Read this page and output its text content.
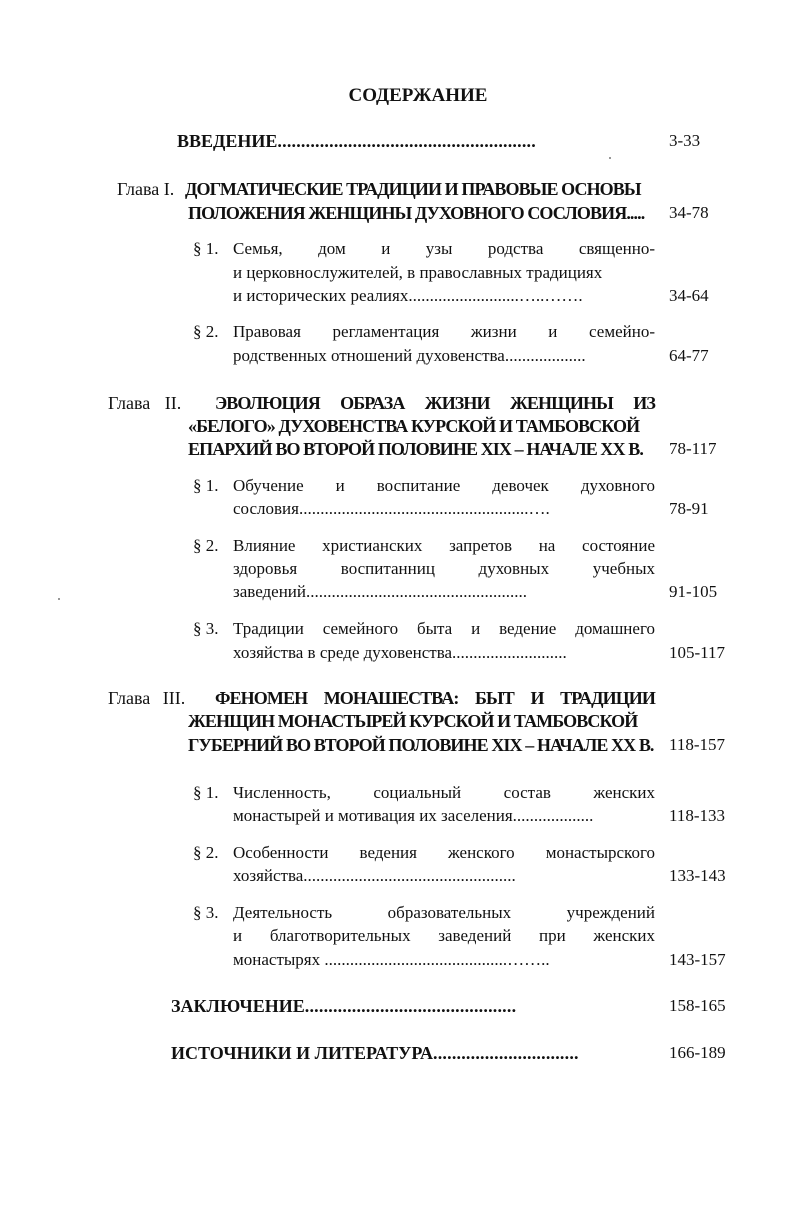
СОДЕРЖАНИЕ
ВВЕДЕНИЕ.......................................................	3-33
Глава I. ДОГМАТИЧЕСКИЕ ТРАДИЦИИ И ПРАВОВЫЕ ОСНОВЫ
ПОЛОЖЕНИЯ ЖЕНЩИНЫ ДУХОВНОГО СОСЛОВИЯ..... 34-78
§ 1. Семья, дом и узы родства священно-
и церковнослужителей, в православных традициях
и исторических реалиях..........................…..…….	34-64
§ 2. Правовая регламентация жизни и семейно-
родственных отношений духовенства...................	64-77
Глава II. ЭВОЛЮЦИЯ ОБРАЗА ЖИЗНИ ЖЕНЩИНЫ ИЗ
«БЕЛОГО» ДУХОВЕНСТВА КУРСКОЙ И ТАМБОВСКОЙ
ЕПАРХИЙ ВО ВТОРОЙ ПОЛОВИНЕ XIX – НАЧАЛЕ XX В. 78-117
§ 1. Обучение и воспитание девочек духовного
сословия......................................................….	78-91
§ 2. Влияние христианских запретов на состояние
здоровья воспитанниц духовных учебных
заведений....................................................	91-105
§ 3. Традиции семейного быта и ведение домашнего
хозяйства в среде духовенства...........................	105-117
Глава III. ФЕНОМЕН МОНАШЕСТВА: БЫТ И ТРАДИЦИИ
ЖЕНЩИН МОНАСТЫРЕЙ КУРСКОЙ И ТАМБОВСКОЙ
ГУБЕРНИЙ ВО ВТОРОЙ ПОЛОВИНЕ XIX – НАЧАЛЕ XX В. 118-157
§ 1. Численность, социальный состав женских
монастырей и мотивация их заселения...................	118-133
§ 2. Особенности ведения женского монастырского
хозяйства..................................................	133-143
§ 3. Деятельность образовательных учреждений
и благотворительных заведений при женских
монастырях ...........................................……..	143-157
ЗАКЛЮЧЕНИЕ.............................................	158-165
ИСТОЧНИКИ И ЛИТЕРАТУРА...............................	166-189
